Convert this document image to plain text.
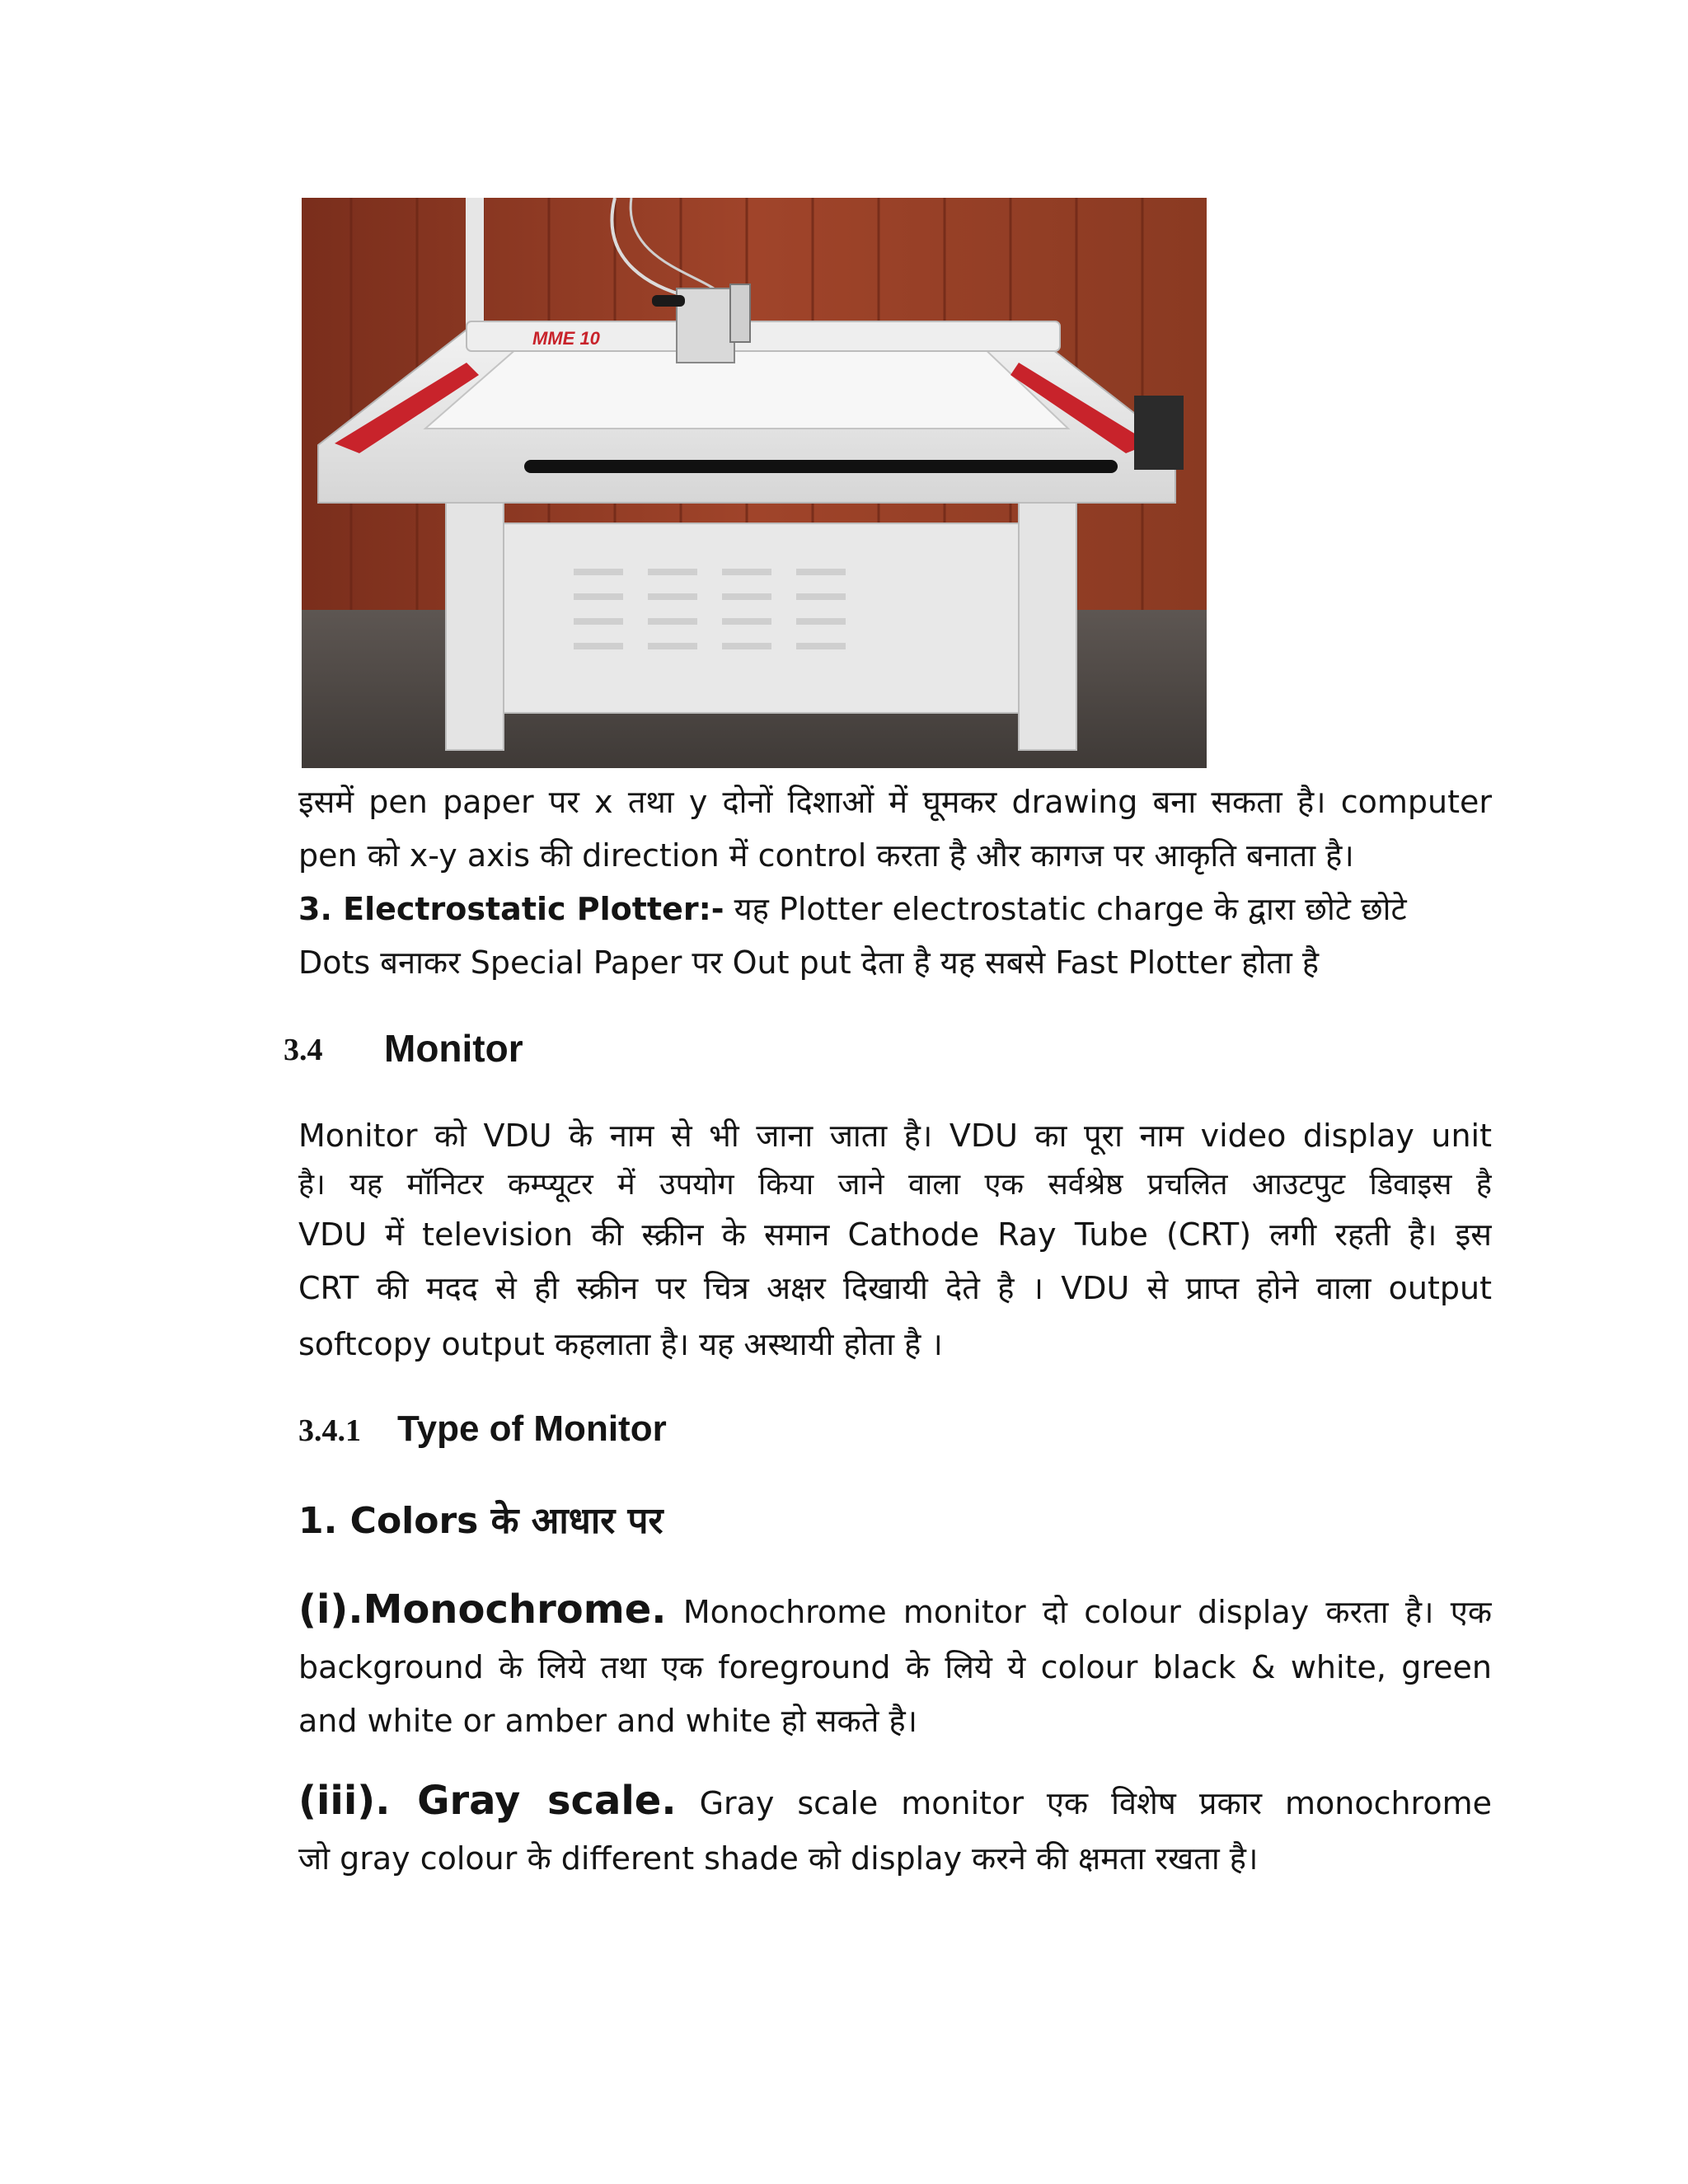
MME 10
इसमें pen paper पर x तथा y दोनों दिशाओं में घूमकर drawing बना सकता है। computer
pen को x-y axis की direction में control करता है और कागज पर आकृति बनाता है।
3. Electrostatic Plotter:- यह Plotter electrostatic charge के द्वारा छोटे छोटे
Dots बनाकर Special Paper पर Out put देता है यह सबसे Fast Plotter होता है
3.4 Monitor
Monitor को VDU के नाम से भी जाना जाता है। VDU का पूरा नाम video display unit
है। यह मॉनिटर कम्प्यूटर में उपयोग किया जाने वाला एक सर्वश्रेष्ठ प्रचलित आउटपुट डिवाइस है
VDU में television की स्क्रीन के समान Cathode Ray Tube (CRT) लगी रहती है। इस
CRT की मदद से ही स्क्रीन पर चित्र अक्षर दिखायी देते है । VDU से प्राप्त होने वाला output
softcopy output कहलाता है। यह अस्थायी होता है ।
3.4.1 Type of Monitor
1. Colors के आधार पर
(i).Monochrome. Monochrome monitor दो colour display करता है। एक
background के लिये तथा एक foreground के लिये ये colour black & white, green
and white or amber and white हो सकते है।
(iii). Gray scale. Gray scale monitor एक विशेष प्रकार monochrome
जो gray colour के different shade को display करने की क्षमता रखता है।
